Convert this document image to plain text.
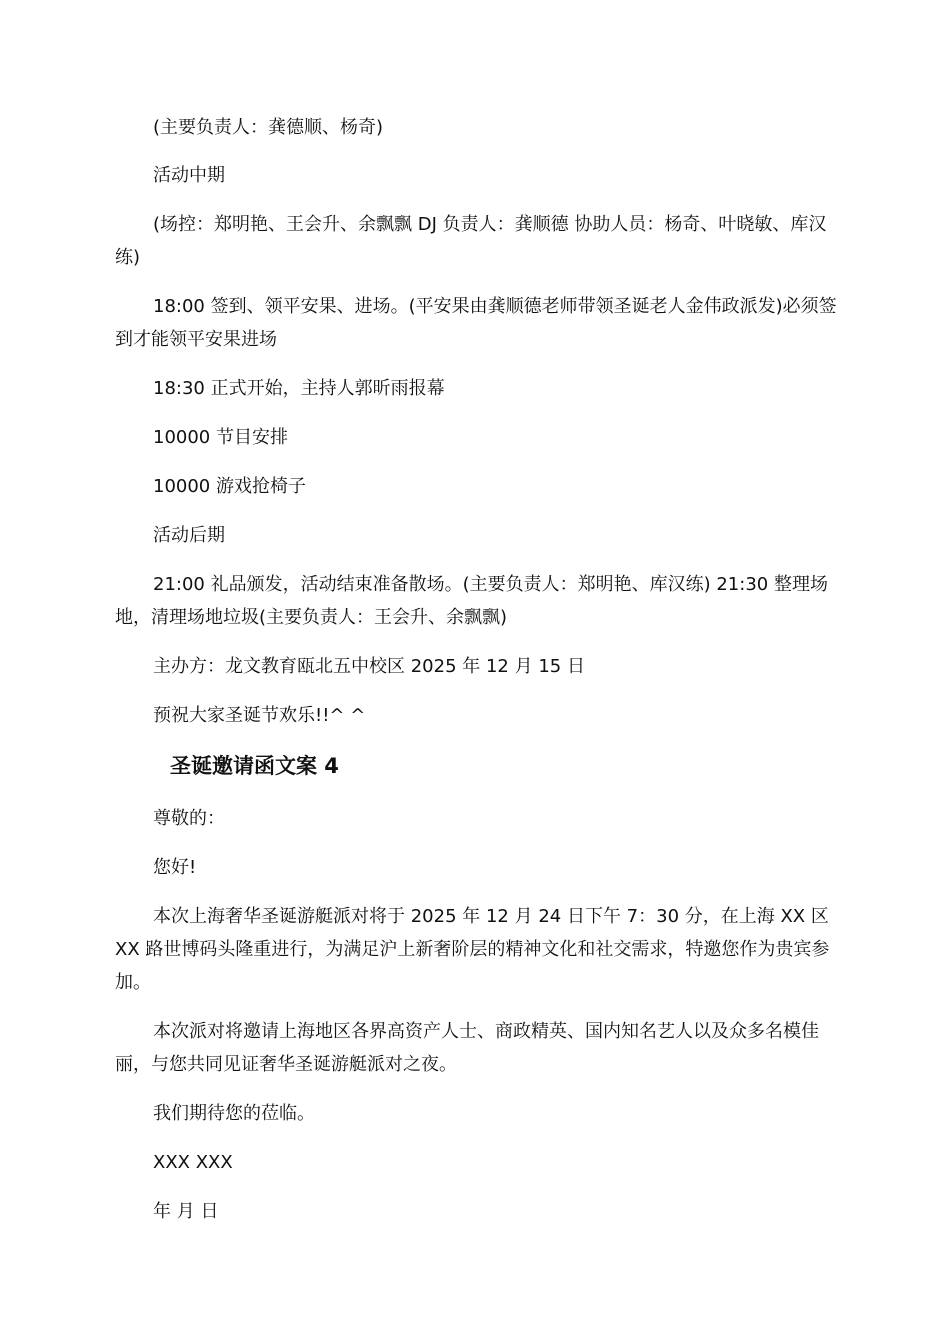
(主要负责人：龚德顺、杨奇)

活动中期

(场控：郑明艳、王会升、余飘飘 DJ 负责人：龚顺德 协助人员：杨奇、叶晓敏、库汉练)

18:00 签到、领平安果、进场。(平安果由龚顺德老师带领圣诞老人金伟政派发)必须签到才能领平安果进场

18:30 正式开始，主持人郭昕雨报幕

10000 节目安排

10000 游戏抢椅子

活动后期

21:00 礼品颁发，活动结束准备散场。(主要负责人：郑明艳、库汉练) 21:30 整理场地，清理场地垃圾(主要负责人：王会升、余飘飘)

主办方：龙文教育瓯北五中校区 2025 年 12 月 15 日

预祝大家圣诞节欢乐!!^ ^

圣诞邀请函文案 4

尊敬的：

您好!

本次上海奢华圣诞游艇派对将于 2025 年 12 月 24 日下午 7：30 分，在上海 XX 区 XX 路世博码头隆重进行，为满足沪上新奢阶层的精神文化和社交需求，特邀您作为贵宾参加。

本次派对将邀请上海地区各界高资产人士、商政精英、国内知名艺人以及众多名模佳丽，与您共同见证奢华圣诞游艇派对之夜。

我们期待您的莅临。

XXX XXX

年 月 日
